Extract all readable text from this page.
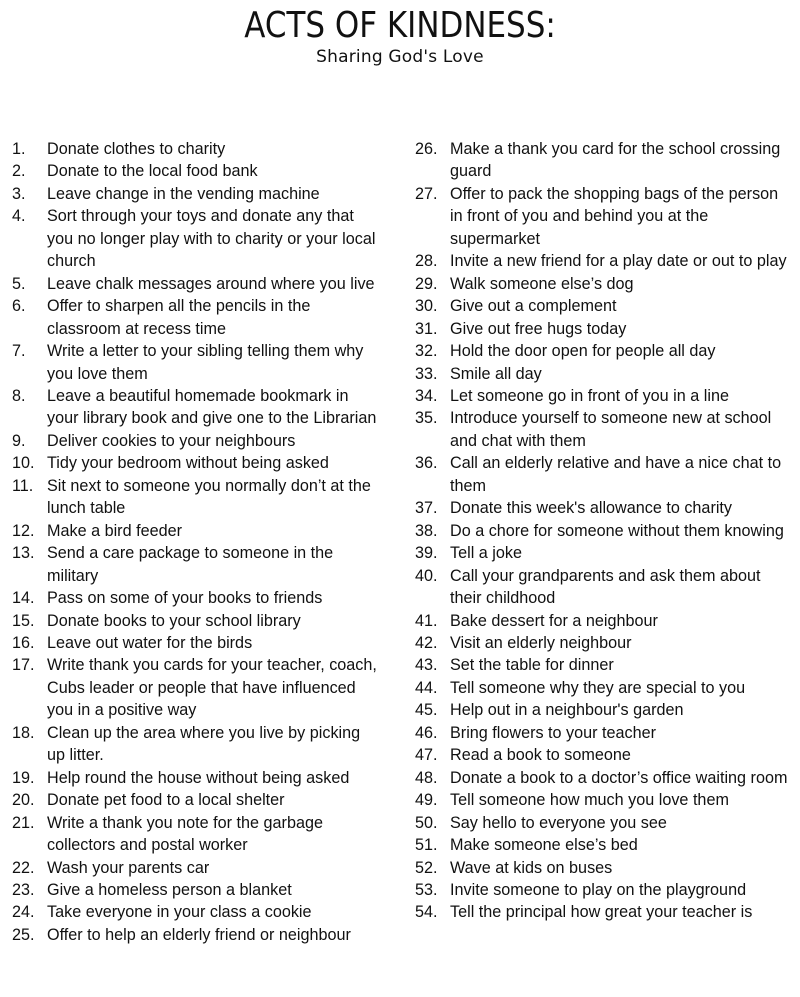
ACTS OF KINDNESS:

Sharing God's Love

1.	Donate clothes to charity
2.	Donate to the local food bank
3.	Leave change in the vending machine
4.	Sort through your toys and donate any that you no longer play with to charity or your local church
5.	Leave chalk messages around where you live
6.	Offer to sharpen all the pencils in the classroom at recess time
7.	Write a letter to your sibling telling them why you love them
8.	Leave a beautiful homemade bookmark in your library book and give one to the Librarian
9.	Deliver cookies to your neighbours
10. Tidy your bedroom without being asked
11. Sit next to someone you normally don’t at the lunch table
12. Make a bird feeder
13. Send a care package to someone in the military
14. Pass on some of your books to friends
15. Donate books to your school library
16. Leave out water for the birds
17. Write thank you cards for your teacher, coach, Cubs leader or people that have influenced you in a positive way
18. Clean up the area where you live by picking up litter.
19. Help round the house without being asked
20. Donate pet food to a local shelter
21. Write a thank you note for the garbage collectors and postal worker
22. Wash your parents car
23. Give a homeless person a blanket
24. Take everyone in your class a cookie
25. Offer to help an elderly friend or neighbour
26. Make a thank you card for the school crossing guard
27. Offer to pack the shopping bags of the person in front of you and behind you at the supermarket
28. Invite a new friend for a play date or out to play
29. Walk someone else’s dog
30. Give out a complement
31. Give out free hugs today
32. Hold the door open for people all day
33. Smile all day
34. Let someone go in front of you in a line
35. Introduce yourself to someone new at school and chat with them
36. Call an elderly relative and have a nice chat to them
37. Donate this week's allowance to charity
38. Do a chore for someone without them knowing
39. Tell a joke
40. Call your grandparents and ask them about their childhood
41. Bake dessert for a neighbour
42. Visit an elderly neighbour
43. Set the table for dinner
44. Tell someone why they are special to you
45. Help out in a neighbour's garden
46. Bring flowers to your teacher
47. Read a book to someone
48. Donate a book to a doctor’s office waiting room
49. Tell someone how much you love them
50. Say hello to everyone you see
51. Make someone else’s bed
52. Wave at kids on buses
53. Invite someone to play on the playground
54. Tell the principal how great your teacher is
